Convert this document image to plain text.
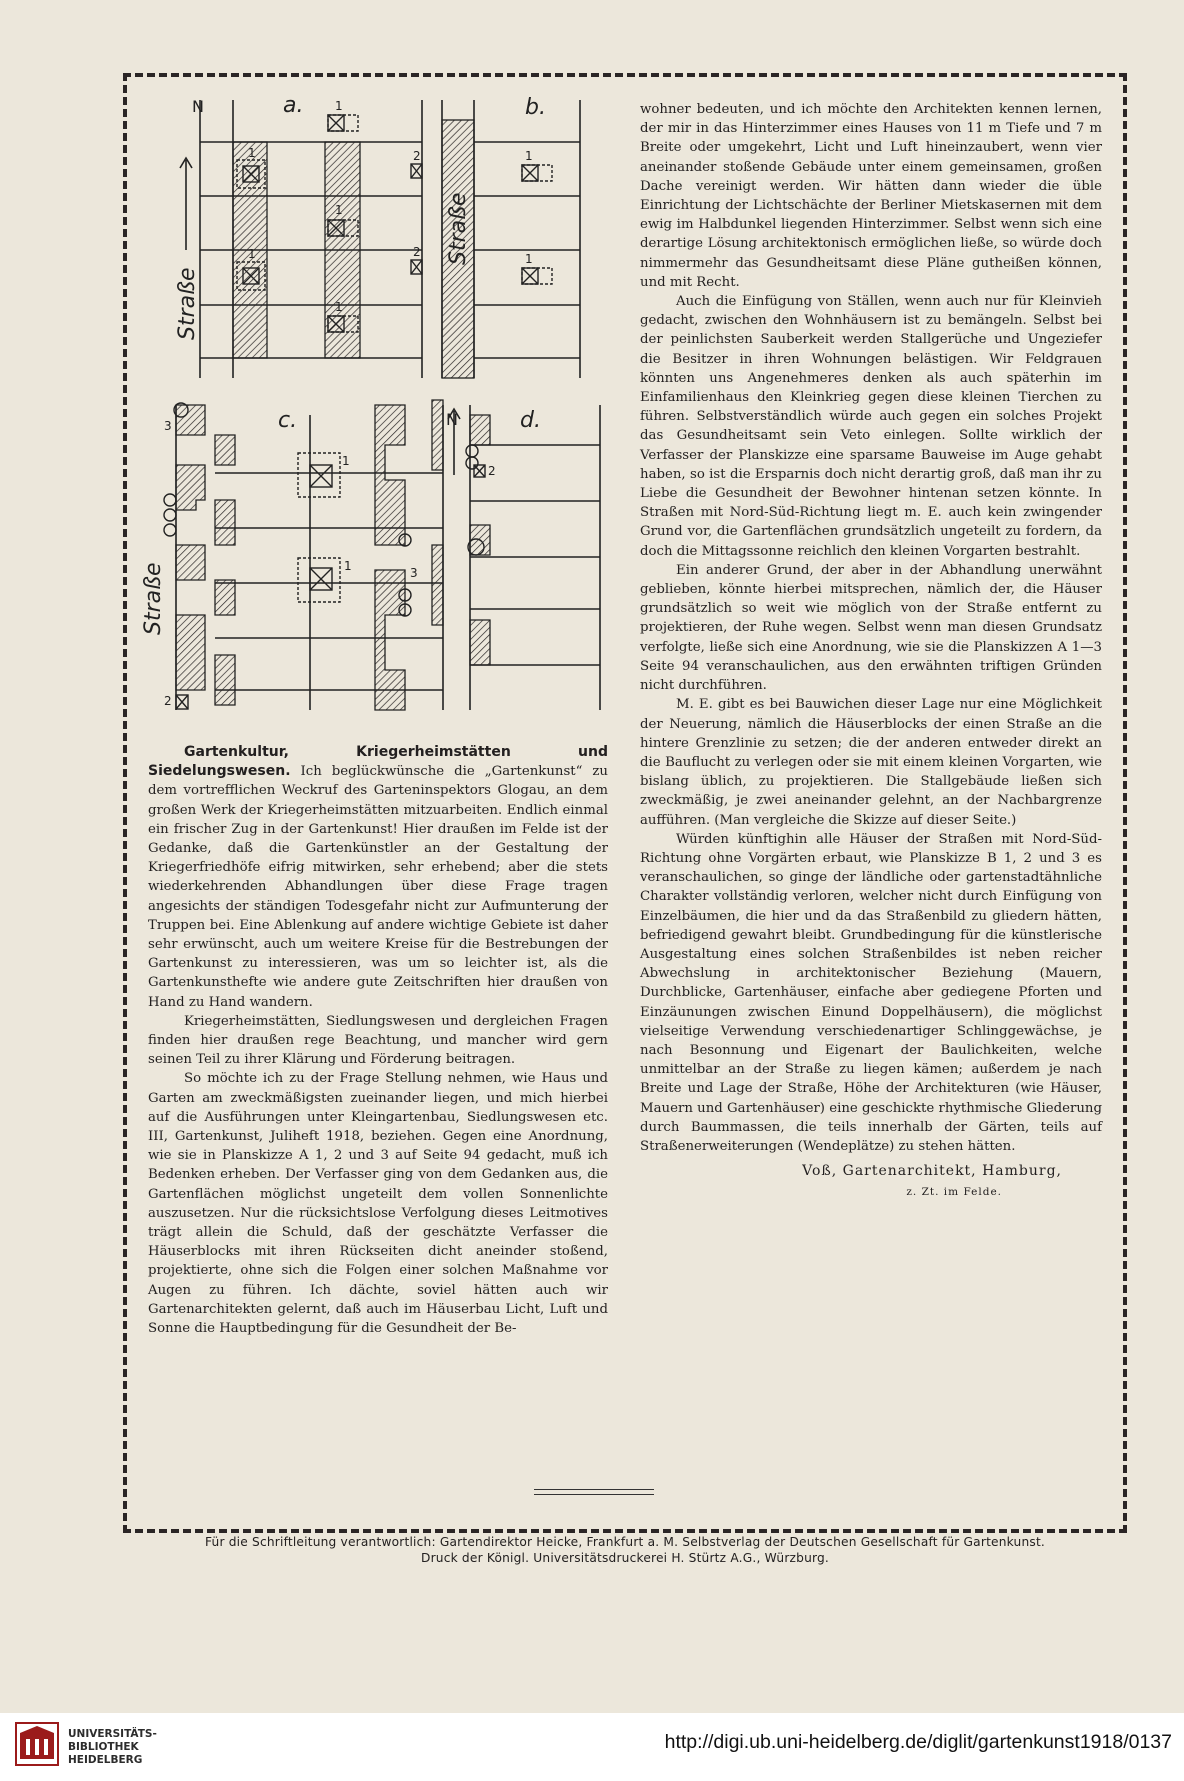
1
1
1
1
1
2
2
1
1
a.	b.
N
Straße
Straße
3
3
1
1
2
2
c.	d.
N
Straße

Gartenkultur, Kriegerheimstätten und Siedelungswesen. Ich beglückwünsche die „Gartenkunst“ zu dem vortrefflichen Weckruf des Garteninspektors Glogau, an dem großen Werk der Kriegerheimstätten mitzuarbeiten. Endlich einmal ein frischer Zug in der Gartenkunst! Hier draußen im Felde ist der Gedanke, daß die Gartenkünstler an der Gestaltung der Kriegerfriedhöfe eifrig mitwirken, sehr erhebend; aber die stets wiederkehrenden Abhandlungen über diese Frage tragen angesichts der ständigen Todesgefahr nicht zur Aufmunterung der Truppen bei. Eine Ablenkung auf andere wichtige Gebiete ist daher sehr erwünscht, auch um weitere Kreise für die Bestrebungen der Gartenkunst zu interessieren, was um so leichter ist, als die Gartenkunsthefte wie andere gute Zeitschriften hier draußen von Hand zu Hand wandern.

Kriegerheimstätten, Siedlungswesen und dergleichen Fragen finden hier draußen rege Beachtung, und mancher wird gern seinen Teil zu ihrer Klärung und Förderung beitragen.

So möchte ich zu der Frage Stellung nehmen, wie Haus und Garten am zweckmäßigsten zueinander liegen, und mich hierbei auf die Ausführungen unter Kleingartenbau, Siedlungswesen etc. III, Gartenkunst, Juliheft 1918, beziehen. Gegen eine Anordnung, wie sie in Planskizze A 1, 2 und 3 auf Seite 94 gedacht, muß ich Bedenken erheben. Der Verfasser ging von dem Gedanken aus, die Gartenflächen möglichst ungeteilt dem vollen Sonnenlichte auszusetzen. Nur die rücksichtslose Verfolgung dieses Leitmotives trägt allein die Schuld, daß der geschätzte Verfasser die Häuserblocks mit ihren Rückseiten dicht aneinder stoßend, projektierte, ohne sich die Folgen einer solchen Maßnahme vor Augen zu führen. Ich dächte, soviel hätten auch wir Gartenarchitekten gelernt, daß auch im Häuserbau Licht, Luft und Sonne die Hauptbedingung für die Gesundheit der Be-

wohner bedeuten, und ich möchte den Architekten kennen lernen, der mir in das Hinterzimmer eines Hauses von 11 m Tiefe und 7 m Breite oder umgekehrt, Licht und Luft hineinzaubert, wenn vier aneinander stoßende Gebäude unter einem gemeinsamen, großen Dache vereinigt werden. Wir hätten dann wieder die üble Einrichtung der Lichtschächte der Berliner Mietskasernen mit dem ewig im Halbdunkel liegenden Hinterzimmer. Selbst wenn sich eine derartige Lösung architektonisch ermöglichen ließe, so würde doch nimmermehr das Gesundheitsamt diese Pläne gutheißen können, und mit Recht.

Auch die Einfügung von Ställen, wenn auch nur für Kleinvieh gedacht, zwischen den Wohnhäusern ist zu bemängeln. Selbst bei der peinlichsten Sauberkeit werden Stallgerüche und Ungeziefer die Besitzer in ihren Wohnungen belästigen. Wir Feldgrauen könnten uns Angenehmeres denken als auch späterhin im Einfamilienhaus den Kleinkrieg gegen diese kleinen Tierchen zu führen. Selbstverständlich würde auch gegen ein solches Projekt das Gesundheitsamt sein Veto einlegen. Sollte wirklich der Verfasser der Planskizze eine sparsame Bauweise im Auge gehabt haben, so ist die Ersparnis doch nicht derartig groß, daß man ihr zu Liebe die Gesundheit der Bewohner hintenan setzen könnte. In Straßen mit Nord-Süd-Richtung liegt m. E. auch kein zwingender Grund vor, die Gartenflächen grundsätzlich ungeteilt zu fordern, da doch die Mittagssonne reichlich den kleinen Vorgarten bestrahlt.

Ein anderer Grund, der aber in der Abhandlung unerwähnt geblieben, könnte hierbei mitsprechen, nämlich der, die Häuser grundsätzlich so weit wie möglich von der Straße entfernt zu projektieren, der Ruhe wegen. Selbst wenn man diesen Grundsatz verfolgte, ließe sich eine Anordnung, wie sie die Planskizzen A 1—3 Seite 94 veranschaulichen, aus den erwähnten triftigen Gründen nicht durchführen.

M. E. gibt es bei Bauwichen dieser Lage nur eine Möglichkeit der Neuerung, nämlich die Häuserblocks der einen Straße an die hintere Grenzlinie zu setzen; die der anderen entweder direkt an die Bauflucht zu verlegen oder sie mit einem kleinen Vorgarten, wie bislang üblich, zu projektieren. Die Stallgebäude ließen sich zweckmäßig, je zwei aneinander gelehnt, an der Nachbargrenze aufführen. (Man vergleiche die Skizze auf dieser Seite.)

Würden künftighin alle Häuser der Straßen mit Nord-Süd-Richtung ohne Vorgärten erbaut, wie Planskizze B 1, 2 und 3 es veranschaulichen, so ginge der ländliche oder gartenstadtähnliche Charakter vollständig verloren, welcher nicht durch Einfügung von Einzelbäumen, die hier und da das Straßenbild zu gliedern hätten, befriedigend gewahrt bleibt. Grundbedingung für die künstlerische Ausgestaltung eines solchen Straßenbildes ist neben reicher Abwechslung in architektonischer Beziehung (Mauern, Durchblicke, Gartenhäuser, einfache aber gediegene Pforten und Einzäunungen zwischen Einund Doppelhäusern), die möglichst vielseitige Verwendung verschiedenartiger Schlinggewächse, je nach Besonnung und Eigenart der Baulichkeiten, welche unmittelbar an der Straße zu liegen kämen; außerdem je nach Breite und Lage der Straße, Höhe der Architekturen (wie Häuser, Mauern und Gartenhäuser) eine geschickte rhythmische Gliederung durch Baummassen, die teils innerhalb der Gärten, teils auf Straßenerweiterungen (Wendeplätze) zu stehen hätten.

Voß, Gartenarchitekt, Hamburg,
z. Zt. im Felde.
Für die Schriftleitung verantwortlich: Gartendirektor Heicke, Frankfurt a. M. Selbstverlag der Deutschen Gesellschaft für Gartenkunst.
Druck der Königl. Universitätsdruckerei H. Stürtz A.G., Würzburg.
UNIVERSITÄTS-
BIBLIOTHEK
HEIDELBERG
http://digi.ub.uni-heidelberg.de/diglit/gartenkunst1918/0137
